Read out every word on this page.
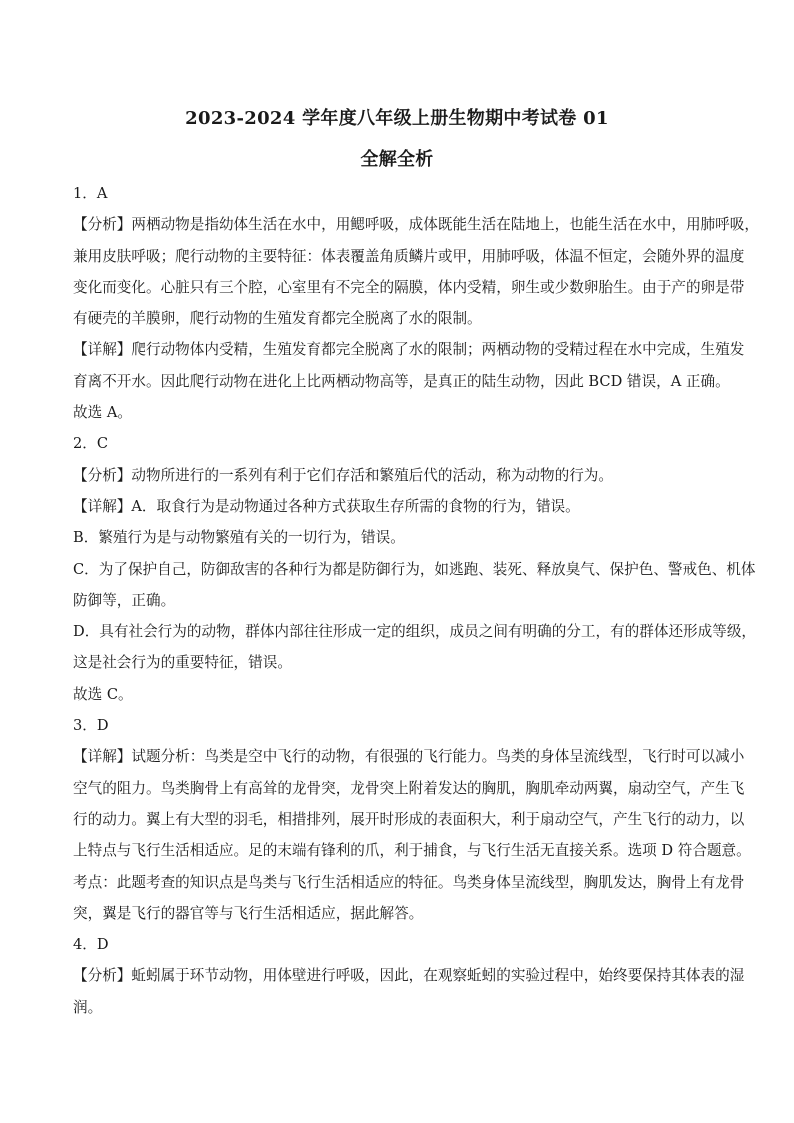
2023-2024 学年度八年级上册生物期中考试卷 01
全解全析
1．A
【分析】两栖动物是指幼体生活在水中，用鳃呼吸，成体既能生活在陆地上，也能生活在水中，用肺呼吸，
兼用皮肤呼吸；爬行动物的主要特征：体表覆盖角质鳞片或甲，用肺呼吸，体温不恒定，会随外界的温度
变化而变化。心脏只有三个腔，心室里有不完全的隔膜，体内受精，卵生或少数卵胎生。由于产的卵是带
有硬壳的羊膜卵，爬行动物的生殖发育都完全脱离了水的限制。
【详解】爬行动物体内受精，生殖发育都完全脱离了水的限制；两栖动物的受精过程在水中完成，生殖发
育离不开水。因此爬行动物在进化上比两栖动物高等，是真正的陆生动物，因此 BCD 错误，A 正确。
故选 A。
2．C
【分析】动物所进行的一系列有利于它们存活和繁殖后代的活动，称为动物的行为。
【详解】A．取食行为是动物通过各种方式获取生存所需的食物的行为，错误。
B．繁殖行为是与动物繁殖有关的一切行为，错误。
C．为了保护自己，防御敌害的各种行为都是防御行为，如逃跑、装死、释放臭气、保护色、警戒色、机体
防御等，正确。
D．具有社会行为的动物，群体内部往往形成一定的组织，成员之间有明确的分工，有的群体还形成等级，
这是社会行为的重要特征，错误。
故选 C。
3．D
【详解】试题分析：鸟类是空中飞行的动物，有很强的飞行能力。鸟类的身体呈流线型，飞行时可以减小
空气的阻力。鸟类胸骨上有高耸的龙骨突，龙骨突上附着发达的胸肌，胸肌牵动两翼，扇动空气，产生飞
行的动力。翼上有大型的羽毛，相措排列，展开时形成的表面积大，利于扇动空气，产生飞行的动力，以
上特点与飞行生活相适应。足的末端有锋利的爪，利于捕食，与飞行生活无直接关系。选项 D 符合题意。
考点：此题考查的知识点是鸟类与飞行生活相适应的特征。鸟类身体呈流线型，胸肌发达，胸骨上有龙骨
突，翼是飞行的器官等与飞行生活相适应，据此解答。
4．D
【分析】蚯蚓属于环节动物，用体壁进行呼吸，因此，在观察蚯蚓的实验过程中，始终要保持其体表的湿
润。
